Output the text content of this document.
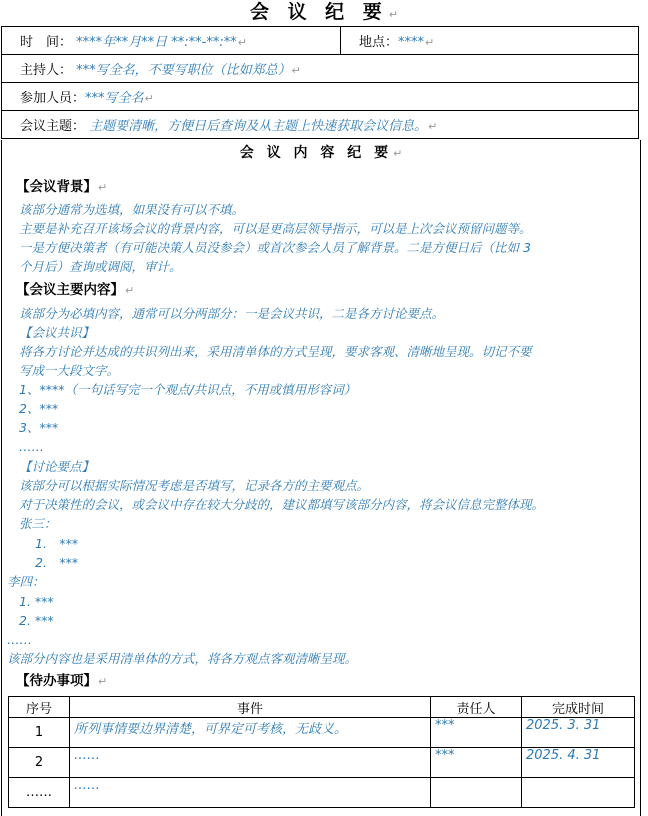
会 议 纪 要↵
时　间： ****年**月**日 **:**-**:**↵	地点：****↵
主持人： ***写全名，不要写职位（比如郑总）↵
参加人员：***写全名↵
会议主题： 主题要清晰，方便日后查询及从主题上快速获取会议信息。↵
会 议 内 容 纪 要↵
【会议背景】↵
该部分通常为选填，如果没有可以不填。
主要是补充召开该场会议的背景内容，可以是更高层领导指示，可以是上次会议预留问题等。
一是方便决策者（有可能决策人员没参会）或首次参会人员了解背景。二是方便日后（比如 3
个月后）查询或调阅，审计。
【会议主要内容】↵
该部分为必填内容，通常可以分两部分：一是会议共识，二是各方讨论要点。
【会议共识】
将各方讨论并达成的共识列出来，采用清单体的方式呈现，要求客观、清晰地呈现。切记不要
写成一大段文字。
1、****（一句话写完一个观点/共识点，不用或慎用形容词）
2、***
3、***
……
【讨论要点】
该部分可以根据实际情况考虑是否填写，记录各方的主要观点。
对于决策性的会议，或会议中存在较大分歧的，建议都填写该部分内容，将会议信息完整体现。
张三：
1.　***
2.　***
李四：
1. ***
2. ***
……
该部分内容也是采用清单体的方式，将各方观点客观清晰呈现。
【待办事项】↵
序号	事件	责任人	完成时间
1	所列事情要边界清楚，可界定可考核，无歧义。	***	2025. 3. 31
2	……	***	2025. 4. 31
……	……		
